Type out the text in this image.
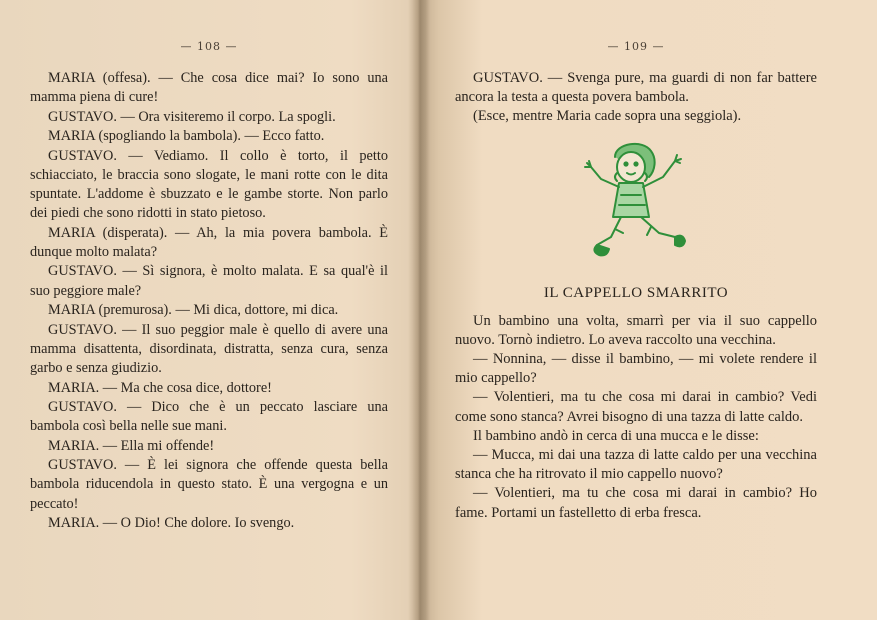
— 108 —

MARIA (offesa). — Che cosa dice mai? Io sono una mamma piena di cure!

GUSTAVO. — Ora visiteremo il corpo. La spogli.

MARIA (spogliando la bambola). — Ecco fatto.

GUSTAVO. — Vediamo. Il collo è torto, il petto schiacciato, le braccia sono slogate, le mani rotte con le dita spuntate. L'addome è sbuzzato e le gambe storte. Non parlo dei piedi che sono ridotti in stato pietoso.

MARIA (disperata). — Ah, la mia povera bambola. È dunque molto malata?

GUSTAVO. — Sì signora, è molto malata. E sa qual'è il suo peggiore male?

MARIA (premurosa). — Mi dica, dottore, mi dica.

GUSTAVO. — Il suo peggior male è quello di avere una mamma disattenta, disordinata, distratta, senza cura, senza garbo e senza giudizio.

MARIA. — Ma che cosa dice, dottore!

GUSTAVO. — Dico che è un peccato lasciare una bambola così bella nelle sue mani.

MARIA. — Ella mi offende!

GUSTAVO. — È lei signora che offende questa bella bambola riducendola in questo stato. È una vergogna e un peccato!

MARIA. — O Dio! Che dolore. Io svengo.

— 109 —

GUSTAVO. — Svenga pure, ma guardi di non far battere ancora la testa a questa povera bambola.

(Esce, mentre Maria cade sopra una seggiola).

IL CAPPELLO SMARRITO

Un bambino una volta, smarrì per via il suo cappello nuovo. Tornò indietro. Lo aveva raccolto una vecchina.

— Nonnina, — disse il bambino, — mi volete rendere il mio cappello?

— Volentieri, ma tu che cosa mi darai in cambio? Vedi come sono stanca? Avrei bisogno di una tazza di latte caldo.

Il bambino andò in cerca di una mucca e le disse:

— Mucca, mi dai una tazza di latte caldo per una vecchina stanca che ha ritrovato il mio cappello nuovo?

— Volentieri, ma tu che cosa mi darai in cambio? Ho fame. Portami un fastelletto di erba fresca.
